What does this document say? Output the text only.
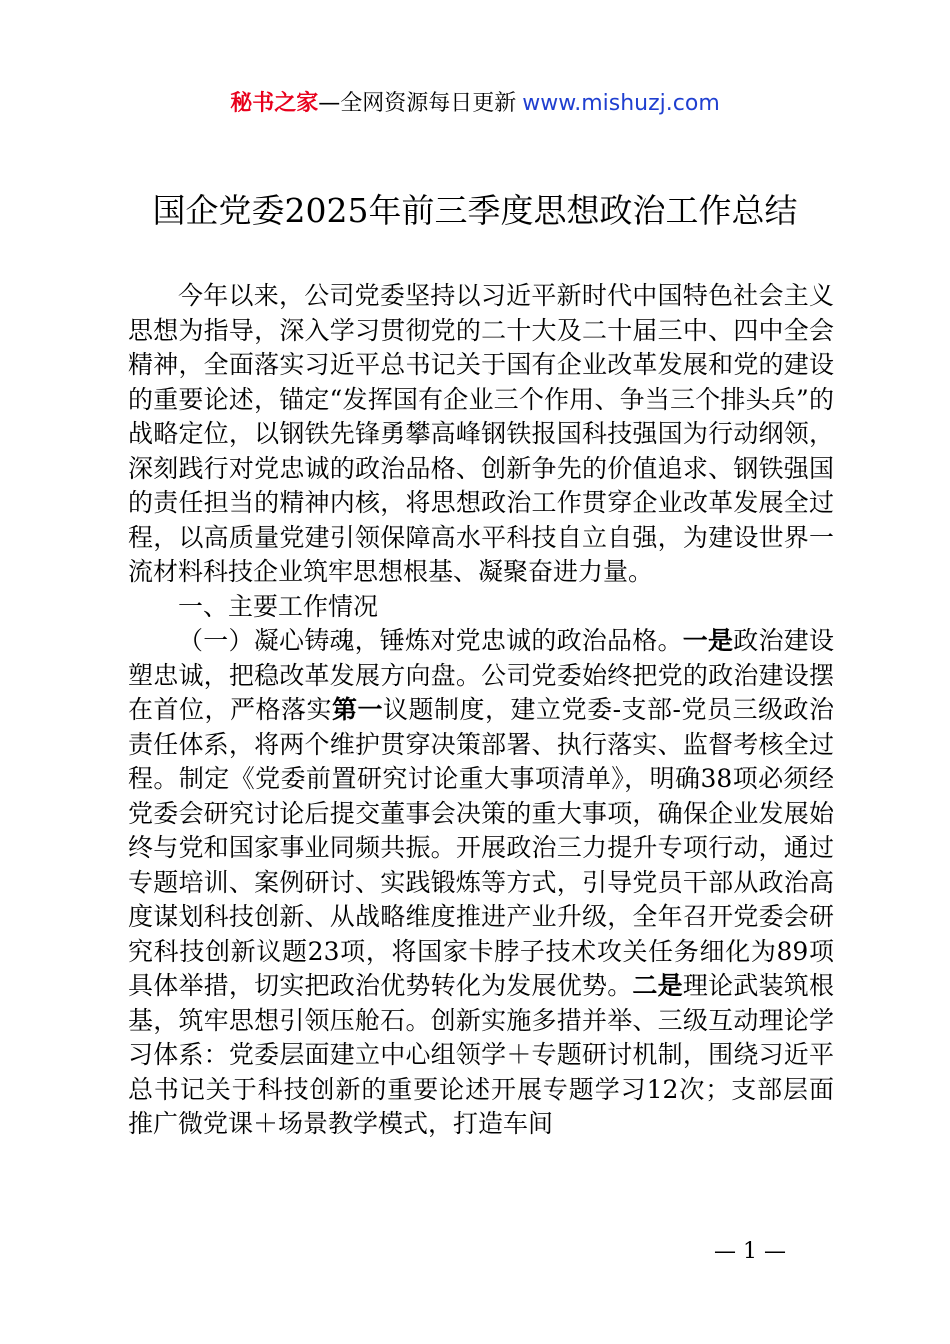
秘书之家—全网资源每日更新 www.mishuzj.com
国企党委2025年前三季度思想政治工作总结

今年以来，公司党委坚持以习近平新时代中国特色社会主义思想为指导，深入学习贯彻党的二十大及二十届三中、四中全会精神，全面落实习近平总书记关于国有企业改革发展和党的建设的重要论述，锚定“发挥国有企业三个作用、争当三个排头兵”的战略定位，以钢铁先锋勇攀高峰钢铁报国科技强国为行动纲领，深刻践行对党忠诚的政治品格、创新争先的价值追求、钢铁强国的责任担当的精神内核，将思想政治工作贯穿企业改革发展全过程，以高质量党建引领保障高水平科技自立自强，为建设世界一流材料科技企业筑牢思想根基、凝聚奋进力量。

一、主要工作情况

（一）凝心铸魂，锤炼对党忠诚的政治品格。一是政治建设塑忠诚，把稳改革发展方向盘。公司党委始终把党的政治建设摆在首位，严格落实第一议题制度，建立党委-支部-党员三级政治责任体系，将两个维护贯穿决策部署、执行落实、监督考核全过程。制定《党委前置研究讨论重大事项清单》，明确38项必须经党委会研究讨论后提交董事会决策的重大事项，确保企业发展始终与党和国家事业同频共振。开展政治三力提升专项行动，通过专题培训、案例研讨、实践锻炼等方式，引导党员干部从政治高度谋划科技创新、从战略维度推进产业升级，全年召开党委会研究科技创新议题23项，将国家卡脖子技术攻关任务细化为89项具体举措，切实把政治优势转化为发展优势。二是理论武装筑根基，筑牢思想引领压舱石。创新实施多措并举、三级互动理论学习体系：党委层面建立中心组领学＋专题研讨机制，围绕习近平总书记关于科技创新的重要论述开展专题学习12次；支部层面推广微党课＋场景教学模式，打造车间

— 1 —
